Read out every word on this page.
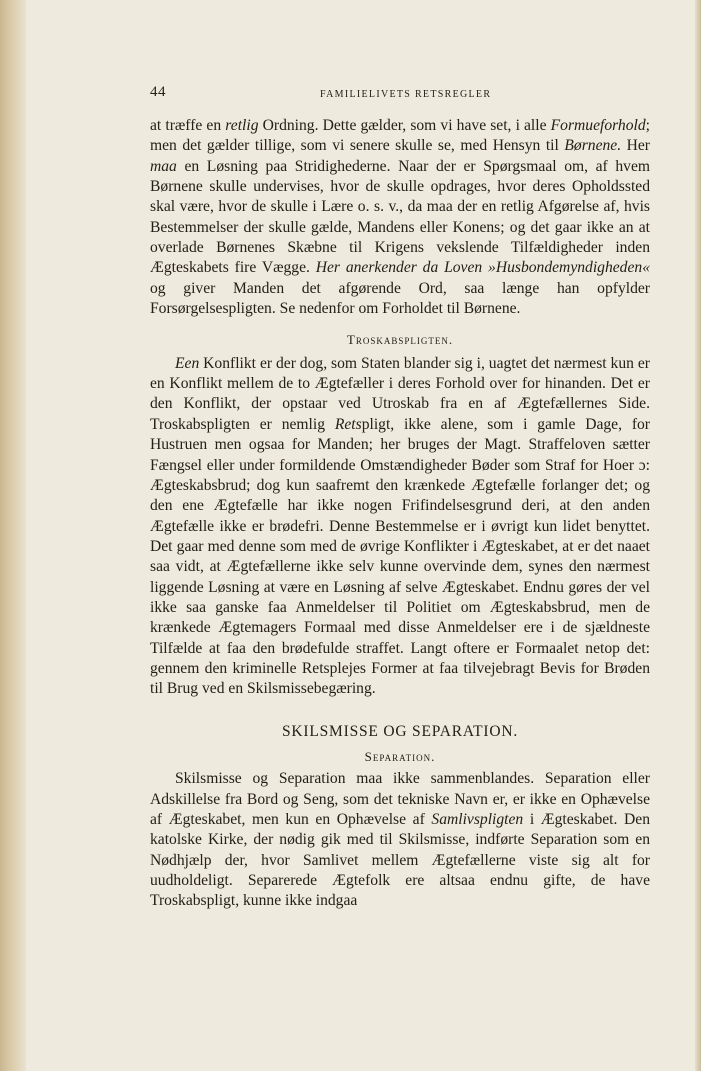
44	FAMILIELIVETS RETSREGLER

at træffe en retlig Ordning. Dette gælder, som vi have set, i alle Formueforhold; men det gælder tillige, som vi senere skulle se, med Hensyn til Børnene. Her maa en Løsning paa Stridighederne. Naar der er Spørgsmaal om, af hvem Børnene skulle undervises, hvor de skulle opdrages, hvor deres Opholdssted skal være, hvor de skulle i Lære o. s. v., da maa der en retlig Afgørelse af, hvis Bestemmelser der skulle gælde, Mandens eller Konens; og det gaar ikke an at overlade Børnenes Skæbne til Krigens vekslende Tilfældigheder inden Ægteskabets fire Vægge. Her anerkender da Loven »Husbondemyndigheden« og giver Manden det afgørende Ord, saa længe han opfylder Forsørgelsespligten. Se nedenfor om Forholdet til Børnene.

Troskabspligten.

Een Konflikt er der dog, som Staten blander sig i, uagtet det nærmest kun er en Konflikt mellem de to Ægtefæller i deres Forhold over for hinanden. Det er den Konflikt, der opstaar ved Utroskab fra en af Ægtefællernes Side. Troskabspligten er nemlig Retspligt, ikke alene, som i gamle Dage, for Hustruen men ogsaa for Manden; her bruges der Magt. Straffeloven sætter Fængsel eller under formildende Omstændigheder Bøder som Straf for Hoer ɔ: Ægteskabsbrud; dog kun saafremt den krænkede Ægtefælle forlanger det; og den ene Ægtefælle har ikke nogen Frifindelsesgrund deri, at den anden Ægtefælle ikke er brødefri. Denne Bestemmelse er i øvrigt kun lidet benyttet. Det gaar med denne som med de øvrige Konflikter i Ægteskabet, at er det naaet saa vidt, at Ægtefællerne ikke selv kunne overvinde dem, synes den nærmest liggende Løsning at være en Løsning af selve Ægteskabet. Endnu gøres der vel ikke saa ganske faa Anmeldelser til Politiet om Ægteskabsbrud, men de krænkede Ægtemagers Formaal med disse Anmeldelser ere i de sjældneste Tilfælde at faa den brødefulde straffet. Langt oftere er Formaalet netop det: gennem den kriminelle Retsplejes Former at faa tilvejebragt Bevis for Brøden til Brug ved en Skilsmissebegæring.

SKILSMISSE OG SEPARATION.
Separation.

Skilsmisse og Separation maa ikke sammenblandes. Separation eller Adskillelse fra Bord og Seng, som det tekniske Navn er, er ikke en Ophævelse af Ægteskabet, men kun en Ophævelse af Samlivspligten i Ægteskabet. Den katolske Kirke, der nødig gik med til Skilsmisse, indførte Separation som en Nødhjælp der, hvor Samlivet mellem Ægtefællerne viste sig alt for uudholdeligt. Separerede Ægtefolk ere altsaa endnu gifte, de have Troskabspligt, kunne ikke indgaa
